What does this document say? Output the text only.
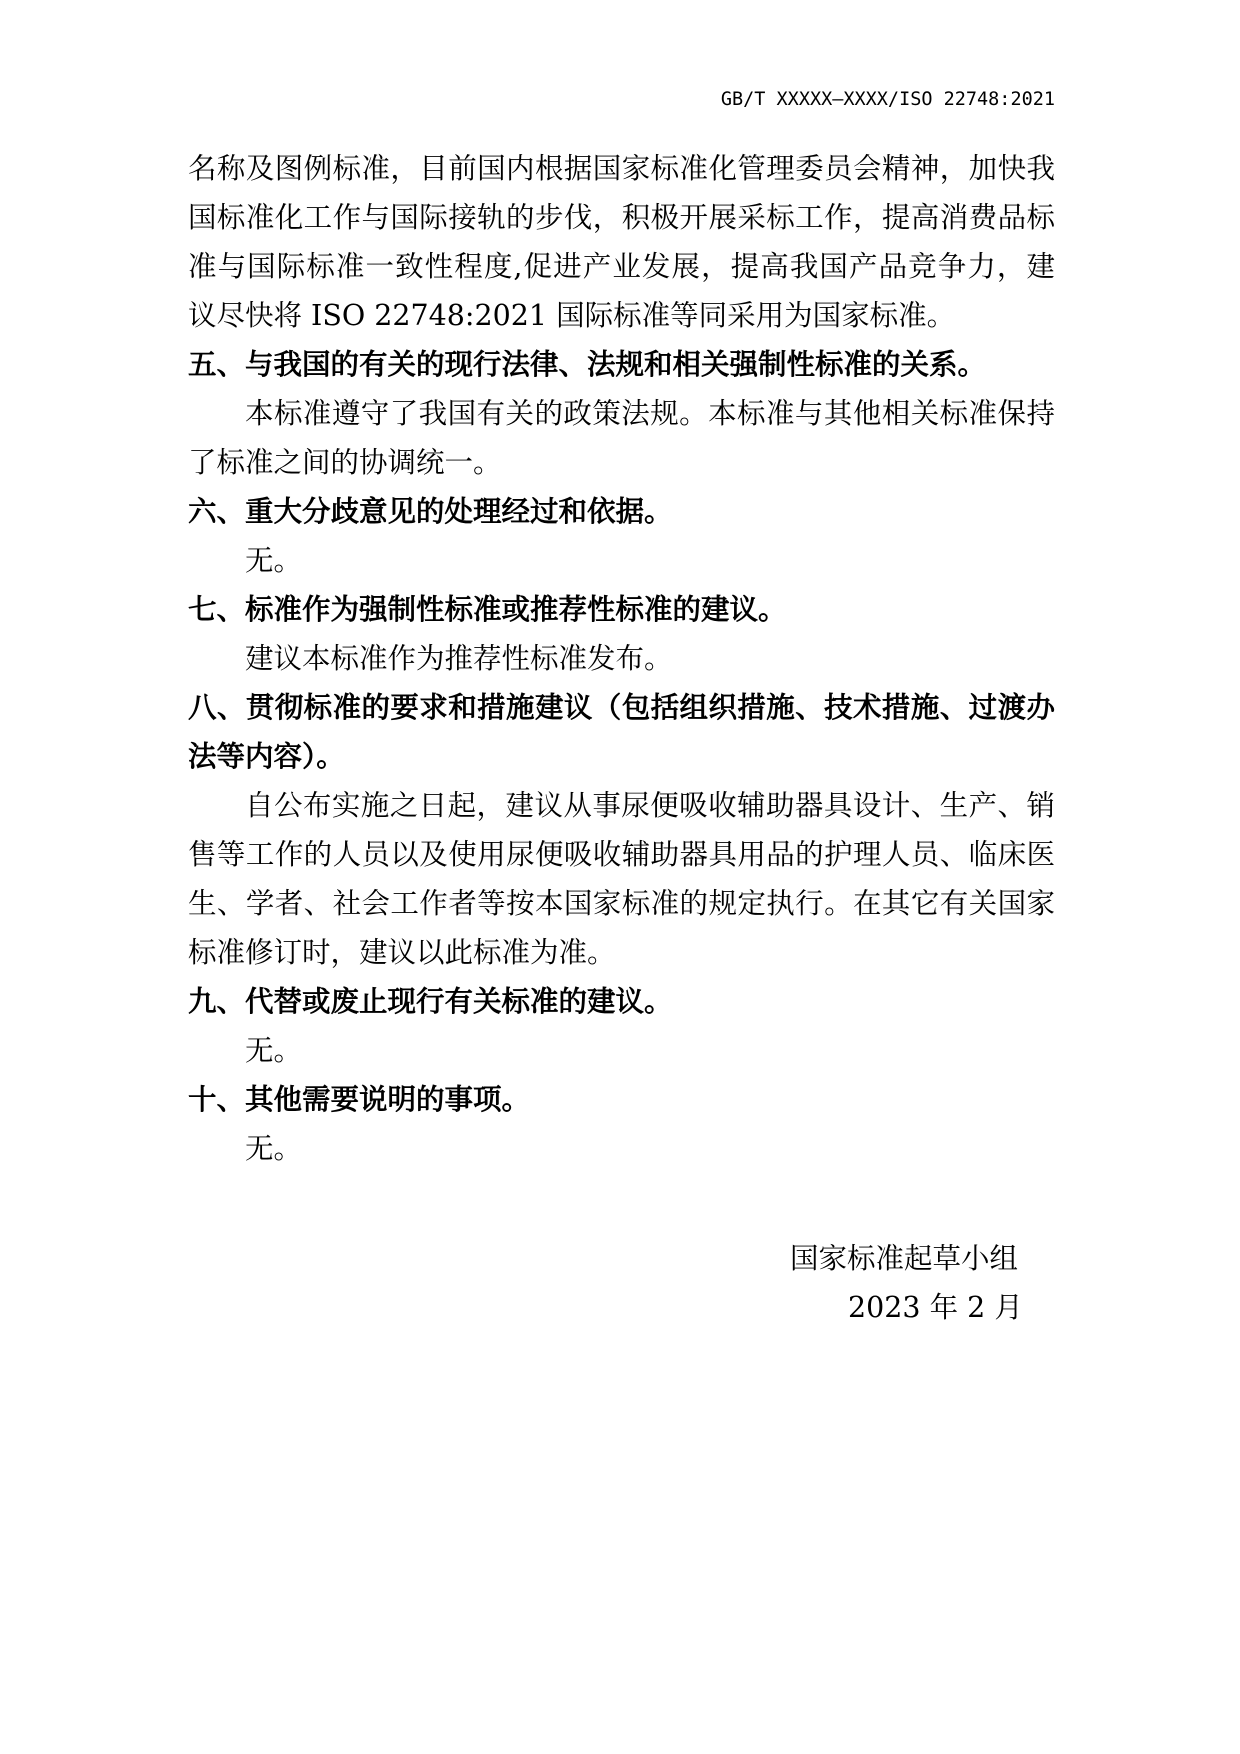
GB/T XXXXX—XXXX/ISO 22748:2021
名称及图例标准，目前国内根据国家标准化管理委员会精神，加快我
国标准化工作与国际接轨的步伐，积极开展采标工作，提高消费品标
准与国际标准一致性程度,促进产业发展，提高我国产品竞争力，建
议尽快将 ISO 22748:2021 国际标准等同采用为国家标准。
五、与我国的有关的现行法律、法规和相关强制性标准的关系。
本标准遵守了我国有关的政策法规。本标准与其他相关标准保持
了标准之间的协调统一。
六、重大分歧意见的处理经过和依据。
无。
七、标准作为强制性标准或推荐性标准的建议。
建议本标准作为推荐性标准发布。
八、贯彻标准的要求和措施建议（包括组织措施、技术措施、过渡办
法等内容）。
自公布实施之日起，建议从事尿便吸收辅助器具设计、生产、销
售等工作的人员以及使用尿便吸收辅助器具用品的护理人员、临床医
生、学者、社会工作者等按本国家标准的规定执行。在其它有关国家
标准修订时，建议以此标准为准。
九、代替或废止现行有关标准的建议。
无。
十、其他需要说明的事项。
无。
国家标准起草小组
2023 年 2 月
